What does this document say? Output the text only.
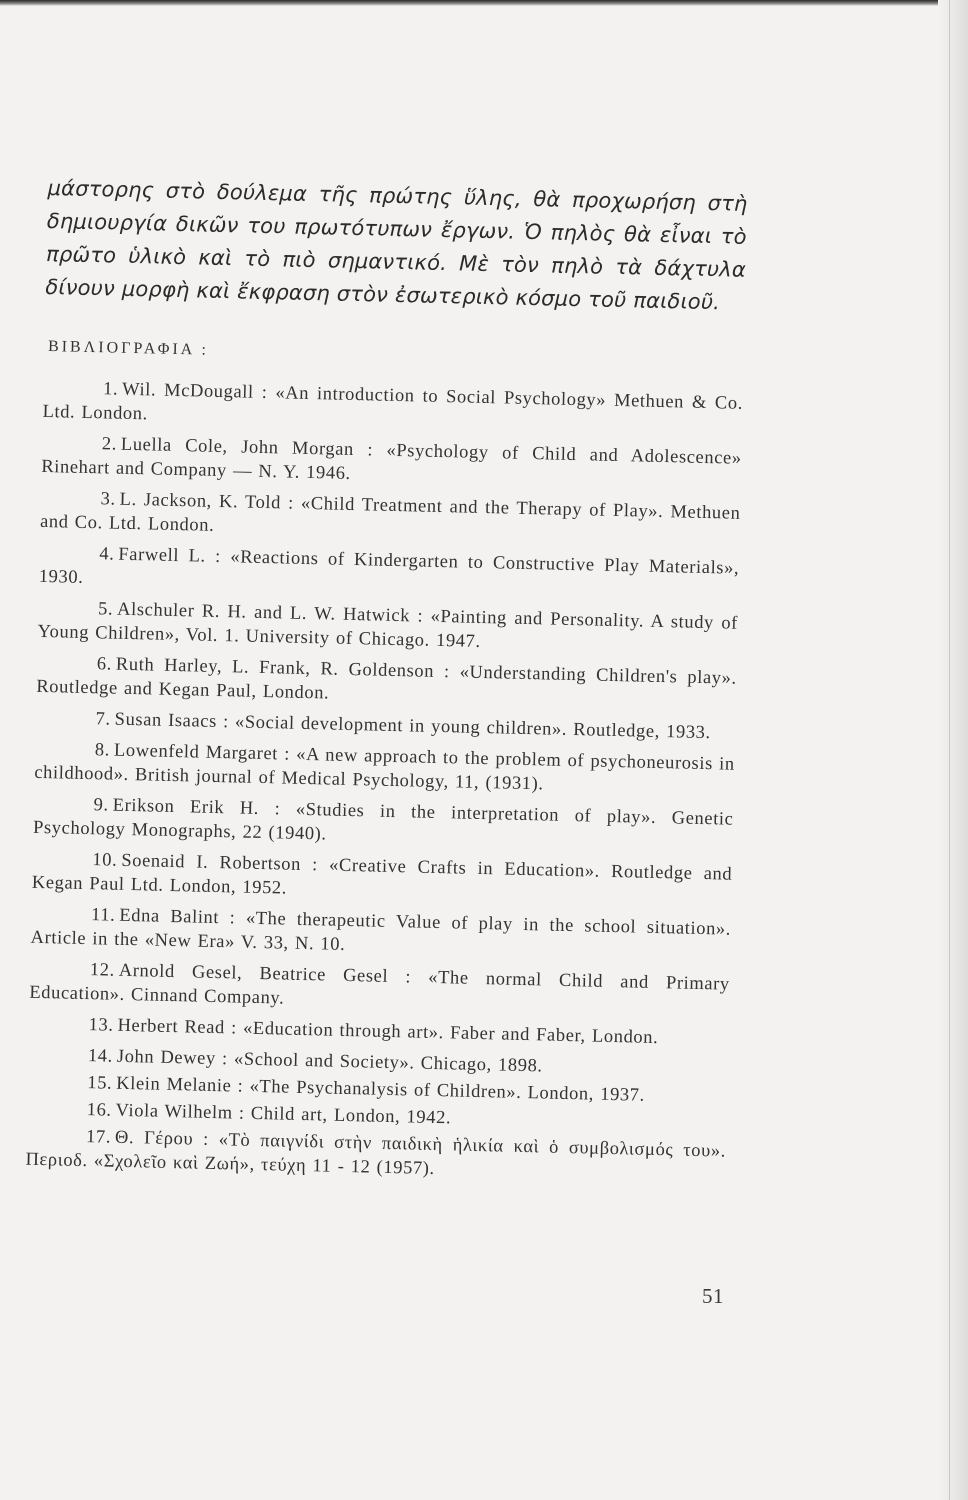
μάστορης στὸ δούλεμα τῆς πρώτης ὕλης, θὰ προχωρήση στὴ δημιουργία δικῶν του πρωτότυπων ἔργων. Ὁ πηλὸς θὰ εἶναι τὸ πρῶτο ὑλικὸ καὶ τὸ πιὸ σημαντικό. Μὲ τὸν πηλὸ τὰ δάχτυλα δίνουν μορφὴ καὶ ἔκφραση στὸν ἐσωτερικὸ κόσμο τοῦ παιδιοῦ.

ΒΙΒΛΙΟΓΡΑΦΙΑ :
1. Wil. McDougall : «An introduction to Social Psychology» Methuen & Co. Ltd. London.
2. Luella Cole, John Morgan : «Psychology of Child and Adolescence» Rinehart and Company — N. Y. 1946.
3. L. Jackson, K. Told : «Child Treatment and the Therapy of Play». Methuen and Co. Ltd. London.
4. Farwell L. : «Reactions of Kindergarten to Constructive Play Materials», 1930.
5. Alschuler R. H. and L. W. Hatwick : «Painting and Personality. A study of Young Children», Vol. 1. University of Chicago. 1947.
6. Ruth Harley, L. Frank, R. Goldenson : «Understanding Children's play». Routledge and Kegan Paul, London.
7. Susan Isaacs : «Social development in young children». Routledge, 1933.
8. Lowenfeld Margaret : «A new approach to the problem of psychoneurosis in childhood». British journal of Medical Psychology, 11, (1931).
9. Erikson Erik H. : «Studies in the interpretation of play». Genetic Psychology Monographs, 22 (1940).
10. Soenaid I. Robertson : «Creative Crafts in Education». Routledge and Kegan Paul Ltd. London, 1952.
11. Edna Balint : «The therapeutic Value of play in the school situation». Article in the «New Era» V. 33, N. 10.
12. Arnold Gesel, Beatrice Gesel : «The normal Child and Primary Education». Cinnand Company.
13. Herbert Read : «Education through art». Faber and Faber, London.
14. John Dewey : «School and Society». Chicago, 1898.
15. Klein Melanie : «The Psychanalysis of Children». London, 1937.
16. Viola Wilhelm : Child art, London, 1942.
17. Θ. Γέρου : «Τὸ παιγνίδι στὴν παιδικὴ ἡλικία καὶ ὁ συμβολισμός του». Περιοδ. «Σχολεῖο καὶ Ζωή», τεύχη 11 - 12 (1957).
51
